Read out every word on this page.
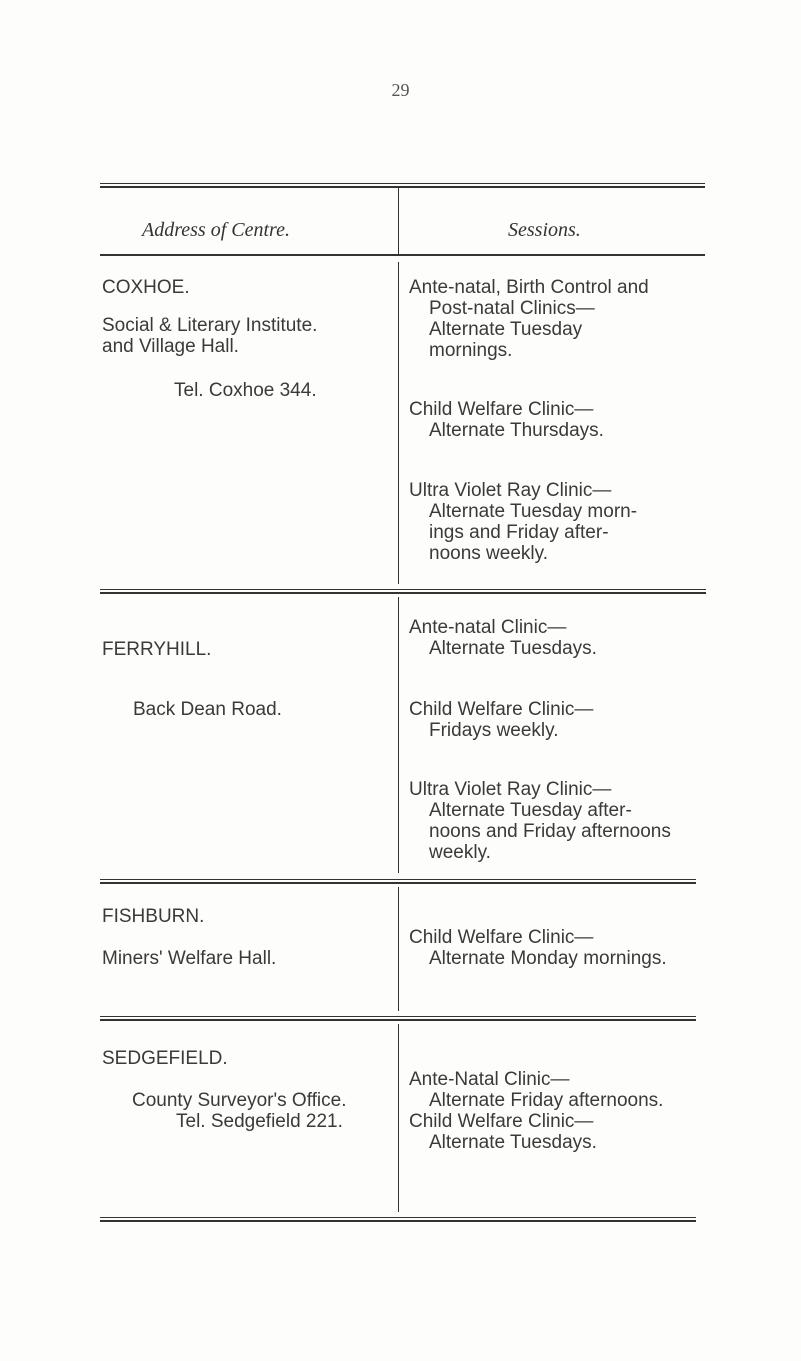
29
Address of Centre.	Sessions.
COXHOE.
Social & Literary Institute.
and Village Hall.
Tel. Coxhoe 344.
Ante-natal, Birth Control and
Post-natal Clinics—
Alternate Tuesday
mornings.
Child Welfare Clinic—
Alternate Thursdays.
Ultra Violet Ray Clinic—
Alternate Tuesday morn-
ings and Friday after-
noons weekly.
FERRYHILL.
Back Dean Road.
Ante-natal Clinic—
Alternate Tuesdays.
Child Welfare Clinic—
Fridays weekly.
Ultra Violet Ray Clinic—
Alternate Tuesday after-
noons and Friday afternoons
weekly.
FISHBURN.
Miners' Welfare Hall.
Child Welfare Clinic—
Alternate Monday mornings.
SEDGEFIELD.
County Surveyor's Office.
Tel. Sedgefield 221.
Ante-Natal Clinic—
Alternate Friday afternoons.
Child Welfare Clinic—
Alternate Tuesdays.
